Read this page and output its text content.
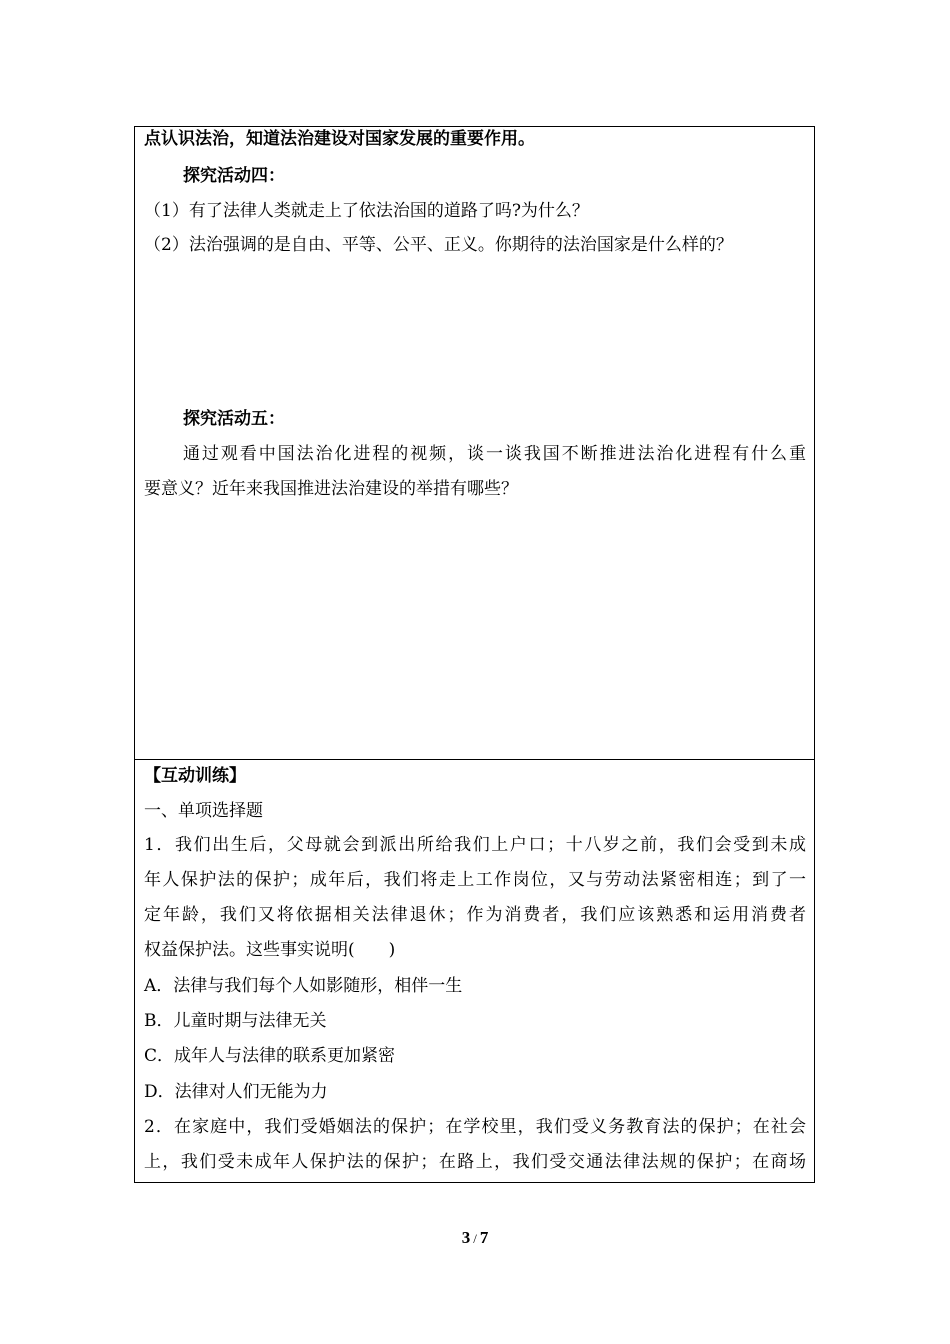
点认识法治，知道法治建设对国家发展的重要作用。
探究活动四：
（1）有了法律人类就走上了依法治国的道路了吗?为什么？
（2）法治强调的是自由、平等、公平、正义。你期待的法治国家是什么样的？
探究活动五：
通过观看中国法治化进程的视频，谈一谈我国不断推进法治化进程有什么重
要意义？近年来我国推进法治建设的举措有哪些？
【互动训练】
一、单项选择题
1．我们出生后，父母就会到派出所给我们上户口；十八岁之前，我们会受到未成
年人保护法的保护；成年后，我们将走上工作岗位，又与劳动法紧密相连；到了一
定年龄，我们又将依据相关法律退休；作为消费者，我们应该熟悉和运用消费者
权益保护法。这些事实说明(　　)
A．法律与我们每个人如影随形，相伴一生
B．儿童时期与法律无关
C．成年人与法律的联系更加紧密
D．法律对人们无能为力
2．在家庭中，我们受婚姻法的保护；在学校里，我们受义务教育法的保护；在社会
上，我们受未成年人保护法的保护；在路上，我们受交通法律法规的保护；在商场
3 / 7
